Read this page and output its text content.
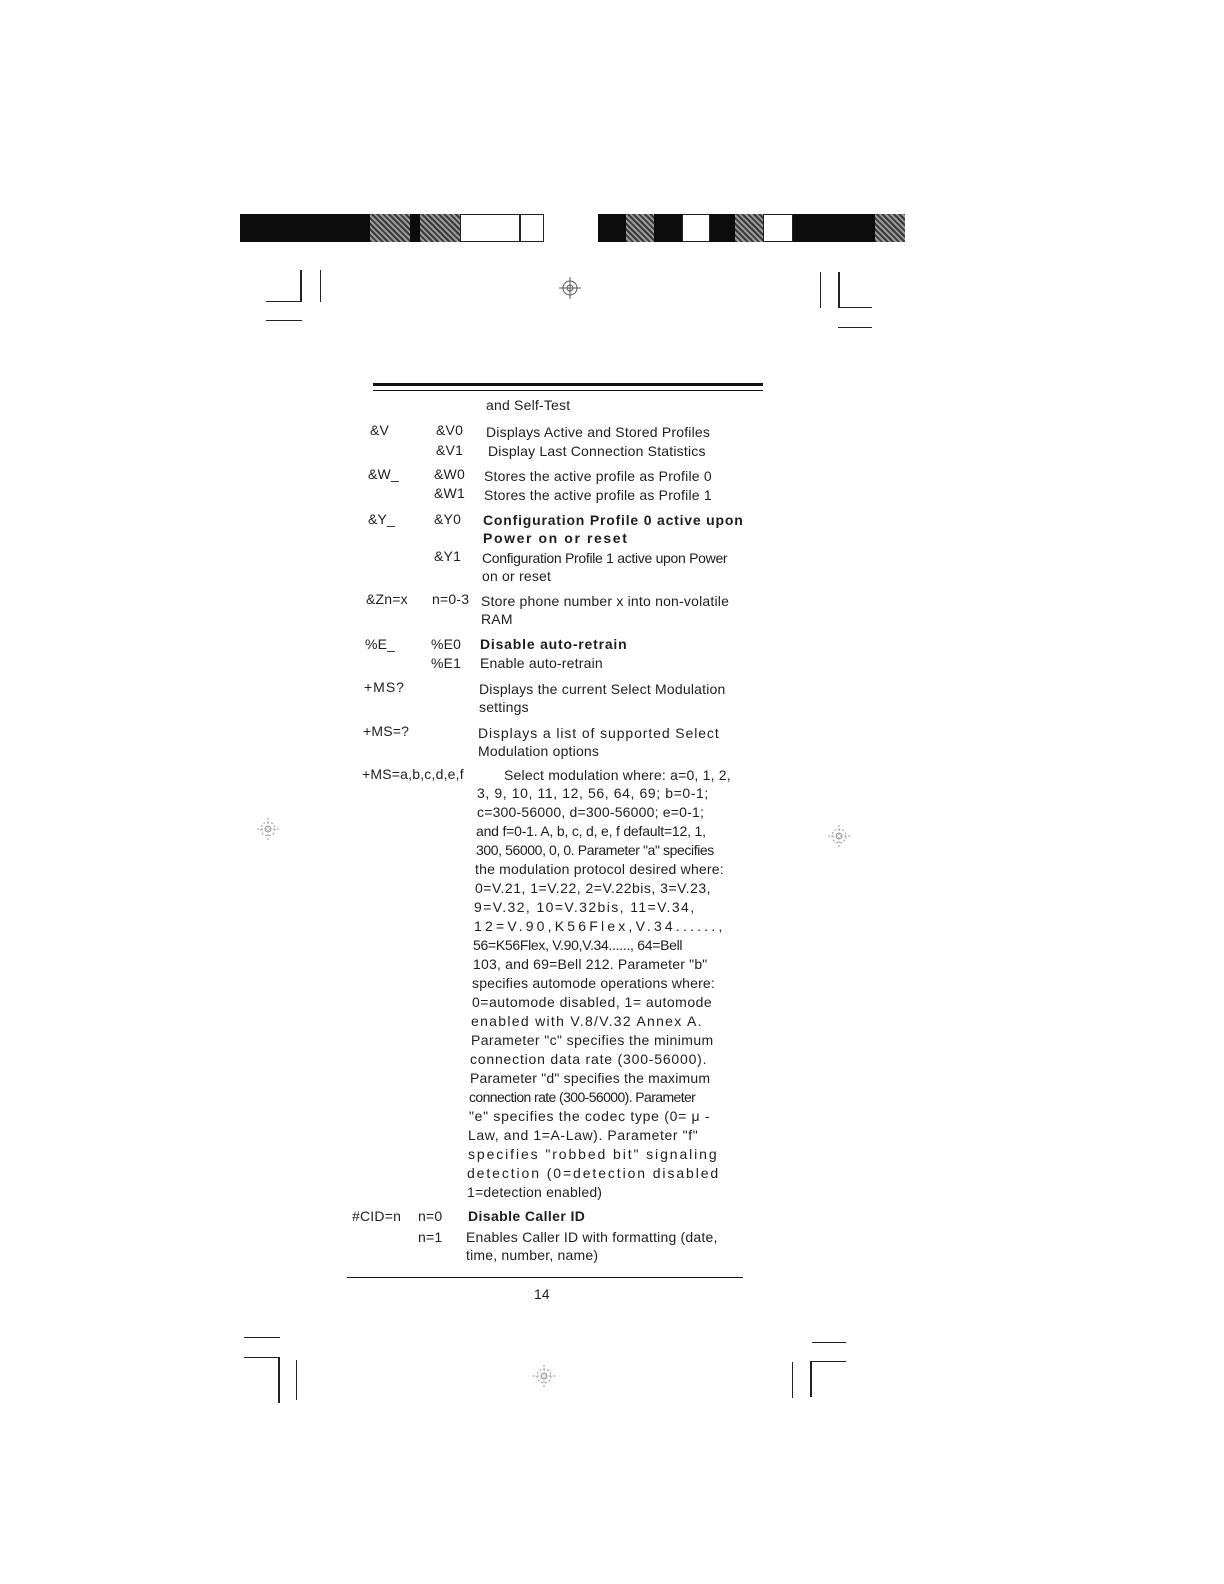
and Self-Test
&V	&V0 Displays Active and Stored Profiles
&V1 Display Last Connection Statistics
&W_	&W0 Stores the active profile as Profile 0
&W1 Stores the active profile as Profile 1
&Y_	&Y0 Configuration Profile 0 active upon
Power on or reset
&Y1 Configuration Profile 1 active upon Power
on or reset
&Zn=x n=0-3 Store phone number x into non-volatile
RAM
%E_	%E0 Disable auto-retrain
%E1 Enable auto-retrain
+MS?	Displays the current Select Modulation
settings
+MS=?	Displays a list of supported Select
Modulation options
+MS=a,b,c,d,e,f	Select modulation where: a=0, 1, 2,
3, 9, 10, 11, 12, 56, 64, 69; b=0-1;
c=300-56000, d=300-56000; e=0-1;
and f=0-1. A, b, c, d, e, f default=12, 1,
300, 56000, 0, 0. Parameter "a" specifies
the modulation protocol desired where:
0=V.21, 1=V.22, 2=V.22bis, 3=V.23,
9=V.32, 10=V.32bis, 11=V.34,
12=V.90,K56Flex,V.34......,
56=K56Flex, V.90,V.34......, 64=Bell
103, and 69=Bell 212. Parameter "b"
specifies automode operations where:
0=automode disabled, 1= automode
enabled with V.8/V.32 Annex A.
Parameter "c" specifies the minimum
connection data rate (300-56000).
Parameter "d" specifies the maximum
connection rate (300-56000). Parameter
"e" specifies the codec type (0= μ -
Law, and 1=A-Law). Parameter "f"
specifies "robbed bit" signaling
detection (0=detection disabled
1=detection enabled)
#CID=n n=0 Disable Caller ID
n=1 Enables Caller ID with formatting (date,
time, number, name)
14
